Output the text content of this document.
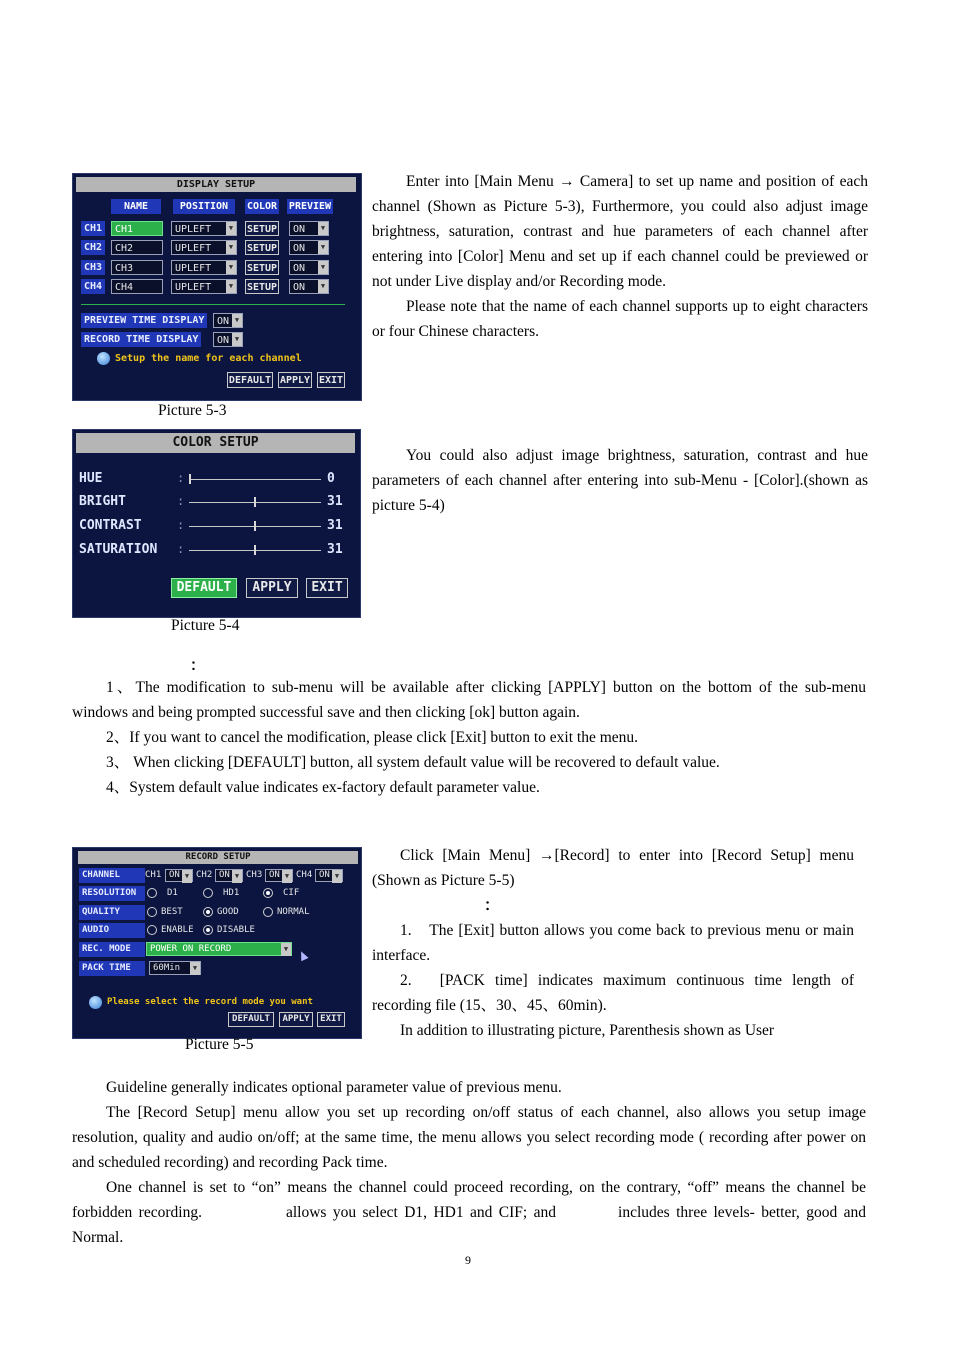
DISPLAY SETUP
NAME	POSITION	COLOR PREVIEW
CH1	CH1	UPLEFT ▼	SETUP	ON ▼
CH2	CH2	UPLEFT ▼	SETUP	ON ▼
CH3	CH3	UPLEFT ▼	SETUP	ON ▼
CH4	CH4	UPLEFT ▼	SETUP	ON ▼
PREVIEW TIME DISPLAY	ON ▼
RECORD TIME DISPLAY	ON ▼
Setup the name for each channel
DEFAULT APPLY EXIT
Picture 5-3

Enter into [Main Menu → Camera] to set up name and position of each channel (Shown as Picture 5-3), Furthermore, you could also adjust image brightness, saturation, contrast and hue parameters of each channel after entering into [Color] Menu and set up if each channel could be previewed or not under Live display and/or Recording mode.

Please note that the name of each channel supports up to eight characters or four Chinese characters.

COLOR SETUP
HUE	:	0
BRIGHT	:	31
CONTRAST	:	31
SATURATION :	31
DEFAULT	APPLY	EXIT
Picture 5-4

You could also adjust image brightness, saturation, contrast and hue parameters of each channel after entering into sub-Menu - [Color].(shown as picture 5-4)

：

1、The modification to sub-menu will be available after clicking [APPLY] button on the bottom of the sub-menu windows and being prompted successful save and then clicking [ok] button again.

2、If you want to cancel the modification, please click [Exit] button to exit the menu.

3、 When clicking [DEFAULT] button, all system default value will be recovered to default value.

4、System default value indicates ex-factory default parameter value.

RECORD SETUP
CHANNEL	CH1 ON ▼	CH2 ON ▼	CH3 ON ▼	CH4 ON ▼
RESOLUTION	D1	HD1	CIF
QUALITY	BEST	GOOD	NORMAL
AUDIO	ENABLE	DISABLE
REC. MODE	POWER ON RECORD ▼
PACK TIME	60Min ▼
Please select the record mode you want
DEFAULT	APPLY	EXIT
Picture 5-5

Click [Main Menu] →[Record] to enter into [Record Setup] menu (Shown as Picture 5-5)

：

1.　The [Exit] button allows you come back to previous menu or main interface.

2.　[PACK time] indicates maximum continuous time length of recording file (15、30、45、60min).

In addition to illustrating picture, Parenthesis shown as User

Guideline generally indicates optional parameter value of previous menu.

The [Record Setup] menu allow you set up recording on/off status of each channel, also allows you setup image resolution, quality and audio on/off; at the same time, the menu allows you select recording mode ( recording after power on and scheduled recording) and recording Pack time.

One channel is set to “on” means the channel could proceed recording, on the contrary, “off” means the channel be forbidden recording.	allows you select D1, HD1 and CIF; and	includes three levels- better, good and Normal.

9
